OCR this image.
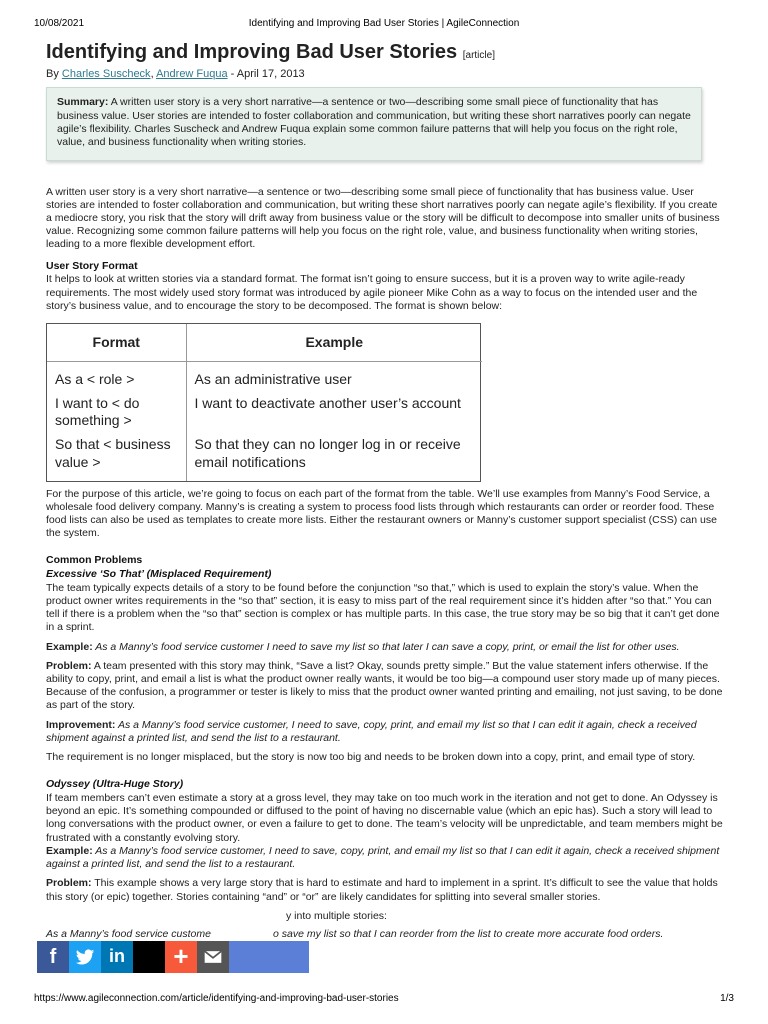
10/08/2021	Identifying and Improving Bad User Stories | AgileConnection
Identifying and Improving Bad User Stories [article]
By Charles Suscheck, Andrew Fuqua - April 17, 2013
Summary: A written user story is a very short narrative—a sentence or two—describing some small piece of functionality that has business value. User stories are intended to foster collaboration and communication, but writing these short narratives poorly can negate agile’s flexibility. Charles Suscheck and Andrew Fuqua explain some common failure patterns that will help you focus on the right role, value, and business functionality when writing stories.

A written user story is a very short narrative—a sentence or two—describing some small piece of functionality that has business value. User stories are intended to foster collaboration and communication, but writing these short narratives poorly can negate agile’s flexibility. If you create a mediocre story, you risk that the story will drift away from business value or the story will be difficult to decompose into smaller units of business value. Recognizing some common failure patterns will help you focus on the right role, value, and business functionality when writing stories, leading to a more flexible development effort.

User Story Format

It helps to look at written stories via a standard format. The format isn’t going to ensure success, but it is a proven way to write agile-ready requirements. The most widely used story format was introduced by agile pioneer Mike Cohn as a way to focus on the intended user and the story’s business value, and to encourage the story to be decomposed. The format is shown below:

Format	Example
As a < role >	As an administrative user
I want to < do something >	I want to deactivate another user’s account
So that < business value >	So that they can no longer log in or receive email notifications

For the purpose of this article, we’re going to focus on each part of the format from the table. We’ll use examples from Manny’s Food Service, a wholesale food delivery company. Manny’s is creating a system to process food lists through which restaurants can order or reorder food. These food lists can also be used as templates to create more lists. Either the restaurant owners or Manny’s customer support specialist (CSS) can use the system.

Common Problems

Excessive ‘So That’ (Misplaced Requirement)

The team typically expects details of a story to be found before the conjunction “so that,” which is used to explain the story’s value. When the product owner writes requirements in the “so that” section, it is easy to miss part of the real requirement since it’s hidden after “so that.” You can tell if there is a problem when the “so that” section is complex or has multiple parts. In this case, the true story may be so big that it can’t get done in a sprint.

Example: As a Manny’s food service customer I need to save my list so that later I can save a copy, print, or email the list for other uses.

Problem: A team presented with this story may think, “Save a list? Okay, sounds pretty simple.” But the value statement infers otherwise. If the ability to copy, print, and email a list is what the product owner really wants, it would be too big—a compound user story made up of many pieces. Because of the confusion, a programmer or tester is likely to miss that the product owner wanted printing and emailing, not just saving, to be done as part of the story.

Improvement: As a Manny’s food service customer, I need to save, copy, print, and email my list so that I can edit it again, check a received shipment against a printed list, and send the list to a restaurant.

The requirement is no longer misplaced, but the story is now too big and needs to be broken down into a copy, print, and email type of story.

Odyssey (Ultra-Huge Story)

If team members can’t even estimate a story at a gross level, they may take on too much work in the iteration and not get to done. An Odyssey is beyond an epic. It’s something compounded or diffused to the point of having no discernable value (which an epic has). Such a story will lead to long conversations with the product owner, or even a failure to get to done. The team’s velocity will be unpredictable, and team members might be frustrated with a constantly evolving story.

Example: As a Manny’s food service customer, I need to save, copy, print, and email my list so that I can edit it again, check a received shipment against a printed list, and send the list to a restaurant.

Problem: This example shows a very large story that is hard to estimate and hard to implement in a sprint. It’s difficult to see the value that holds this story (or epic) together. Stories containing “and” or “or” are likely candidates for splitting into several smaller stories.

y into multiple stories:

As a Manny’s food service custome	o save my list so that I can reorder from the list to create more accurate food orders.

f	in +
https://www.agileconnection.com/article/identifying-and-improving-bad-user-stories	1/3
